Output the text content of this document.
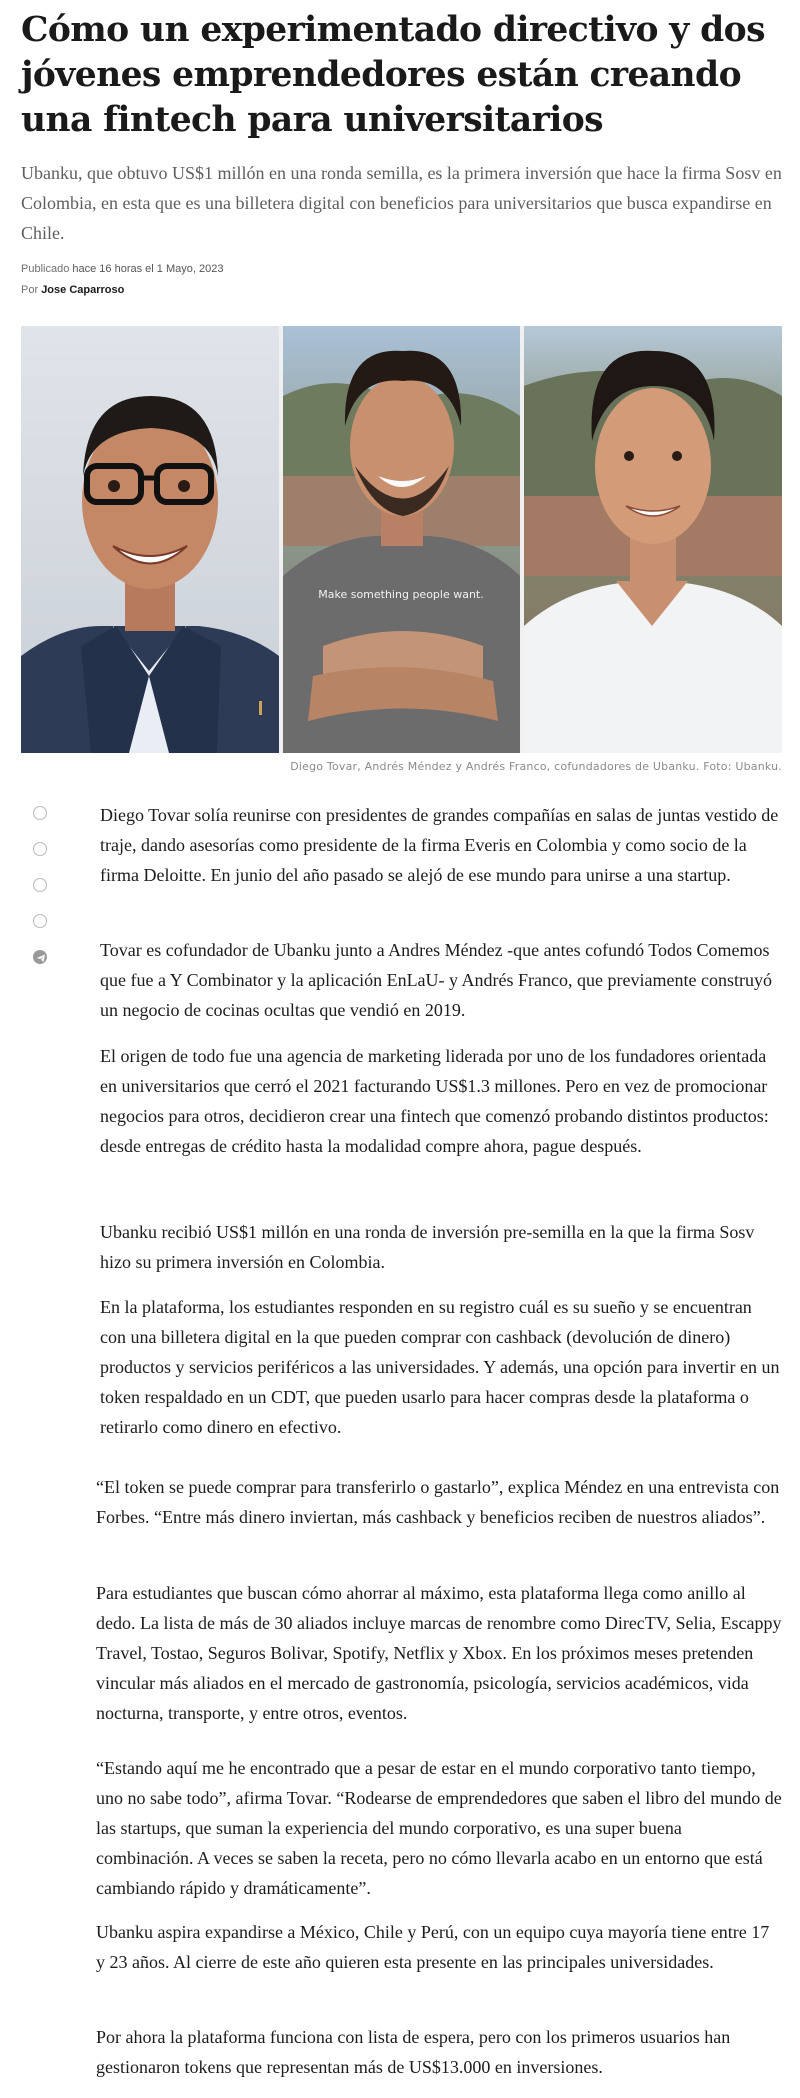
Cómo un experimentado directivo y dos jóvenes emprendedores están creando una fintech para universitarios

Ubanku, que obtuvo US$1 millón en una ronda semilla, es la primera inversión que hace la firma Sosv en Colombia, en esta que es una billetera digital con beneficios para universitarios que busca expandirse en Chile.

Publicado hace 16 horas el 1 Mayo, 2023
Por Jose Caparroso
Make something people want.
Diego Tovar, Andrés Méndez y Andrés Franco, cofundadores de Ubanku. Foto: Ubanku.

Diego Tovar solía reunirse con presidentes de grandes compañías en salas de juntas vestido de traje, dando asesorías como presidente de la firma Everis en Colombia y como socio de la firma Deloitte. En junio del año pasado se alejó de ese mundo para unirse a una startup.

Tovar es cofundador de Ubanku junto a Andres Méndez -que antes cofundó Todos Comemos que fue a Y Combinator y la aplicación EnLaU- y Andrés Franco, que previamente construyó un negocio de cocinas ocultas que vendió en 2019.

El origen de todo fue una agencia de marketing liderada por uno de los fundadores orientada en universitarios que cerró el 2021 facturando US$1.3 millones. Pero en vez de promocionar negocios para otros, decidieron crear una fintech que comenzó probando distintos productos: desde entregas de crédito hasta la modalidad compre ahora, pague después.

Ubanku recibió US$1 millón en una ronda de inversión pre-semilla en la que la firma Sosv hizo su primera inversión en Colombia.

En la plataforma, los estudiantes responden en su registro cuál es su sueño y se encuentran con una billetera digital en la que pueden comprar con cashback (devolución de dinero) productos y servicios periféricos a las universidades. Y además, una opción para invertir en un token respaldado en un CDT, que pueden usarlo para hacer compras desde la plataforma o retirarlo como dinero en efectivo.

“El token se puede comprar para transferirlo o gastarlo”, explica Méndez en una entrevista con Forbes. “Entre más dinero inviertan, más cashback y beneficios reciben de nuestros aliados”.

Para estudiantes que buscan cómo ahorrar al máximo, esta plataforma llega como anillo al dedo. La lista de más de 30 aliados incluye marcas de renombre como DirecTV, Selia, Escappy Travel, Tostao, Seguros Bolivar, Spotify, Netflix y Xbox. En los próximos meses pretenden vincular más aliados en el mercado de gastronomía, psicología, servicios académicos, vida nocturna, transporte, y entre otros, eventos.

“Estando aquí me he encontrado que a pesar de estar en el mundo corporativo tanto tiempo, uno no sabe todo”, afirma Tovar. “Rodearse de emprendedores que saben el libro del mundo de las startups, que suman la experiencia del mundo corporativo, es una super buena combinación. A veces se saben la receta, pero no cómo llevarla acabo en un entorno que está cambiando rápido y dramáticamente”.

Ubanku aspira expandirse a México, Chile y Perú, con un equipo cuya mayoría tiene entre 17 y 23 años. Al cierre de este año quieren esta presente en las principales universidades.

Por ahora la plataforma funciona con lista de espera, pero con los primeros usuarios han gestionaron tokens que representan más de US$13.000 en inversiones.
